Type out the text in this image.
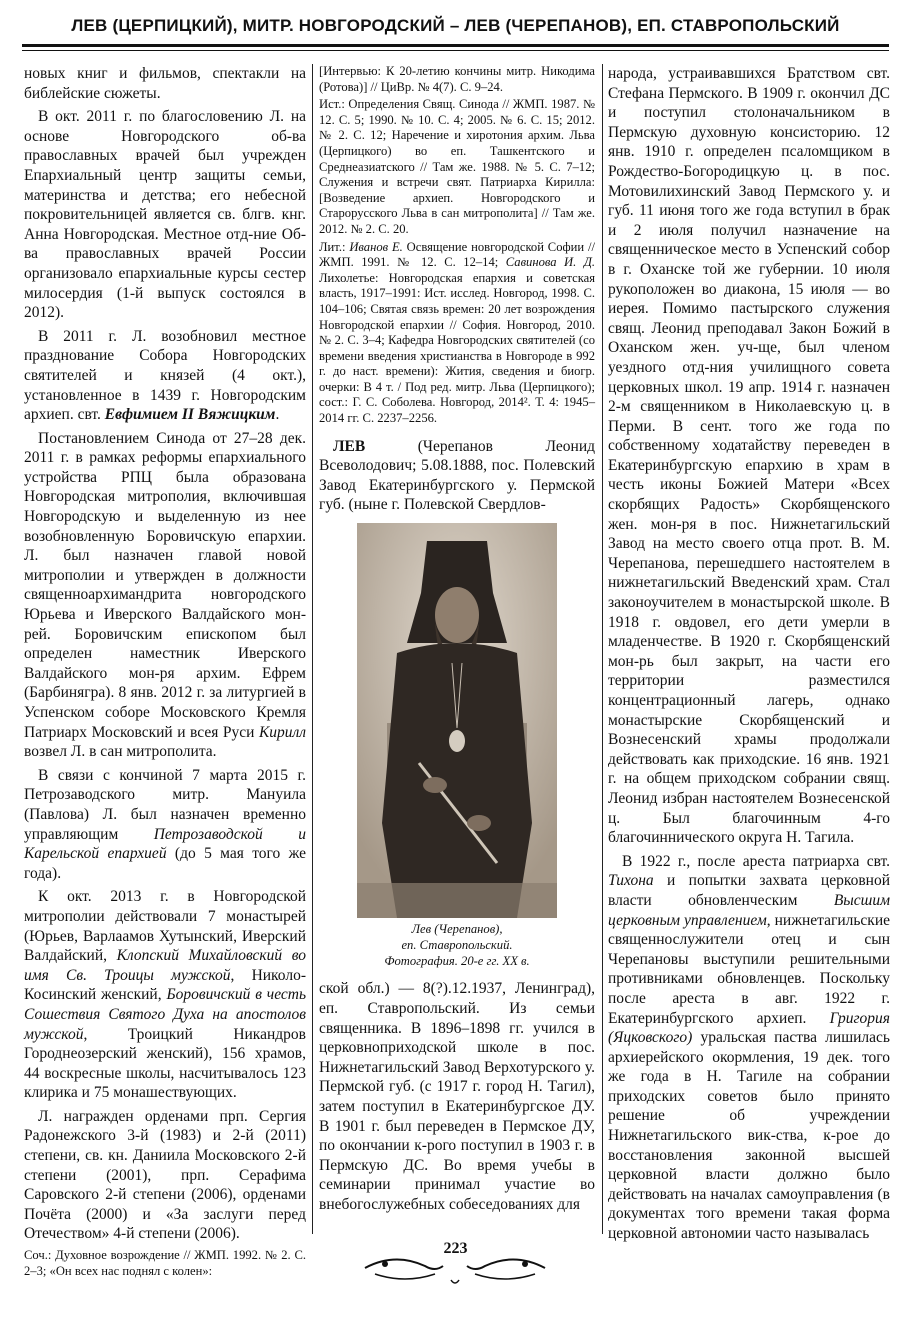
ЛЕВ (ЦЕРПИЦКИЙ), МИТР. НОВГОРОДСКИЙ – ЛЕВ (ЧЕРЕПАНОВ), ЕП. СТАВРОПОЛЬСКИЙ

новых книг и фильмов, спектакли на библейские сюжеты.

В окт. 2011 г. по благословению Л. на основе Новгородского об-ва православных врачей был учрежден Епархиальный центр защиты семьи, материнства и детства; его небесной покровительницей является св. блгв. кнг. Анна Новгородская. Местное отд-ние Об-ва православных врачей России организовало епархиальные курсы сестер милосердия (1-й выпуск состоялся в 2012).

В 2011 г. Л. возобновил местное празднование Собора Новгородских святителей и князей (4 окт.), установленное в 1439 г. Новгородским архиеп. свт. Евфимием II Вяжицким.

Постановлением Синода от 27–28 дек. 2011 г. в рамках реформы епархиального устройства РПЦ была образована Новгородская митрополия, включившая Новгородскую и выделенную из нее возобновленную Боровичскую епархии. Л. был назначен главой новой митрополии и утвержден в должности священноархимандрита новгородского Юрьева и Иверского Валдайского мон-рей. Боровичским епископом был определен наместник Иверского Валдайского мон-ря архим. Ефрем (Барбинягра). 8 янв. 2012 г. за литургией в Успенском соборе Московского Кремля Патриарх Московский и всея Руси Кирилл возвел Л. в сан митрополита.

В связи с кончиной 7 марта 2015 г. Петрозаводского митр. Мануила (Павлова) Л. был назначен временно управляющим Петрозаводской и Карельской епархией (до 5 мая того же года).

К окт. 2013 г. в Новгородской митрополии действовали 7 монастырей (Юрьев, Варлаамов Хутынский, Иверский Валдайский, Клопский Михайловский во имя Св. Троицы мужской, Николо-Косинский женский, Боровичский в честь Сошествия Святого Духа на апостолов мужской, Троицкий Никандров Городнеозерский женский), 156 храмов, 44 воскресные школы, насчитывалось 123 клирика и 75 монашествующих.

Л. награжден орденами прп. Сергия Радонежского 3-й (1983) и 2-й (2011) степени, св. кн. Даниила Московского 2-й степени (2001), прп. Серафима Саровского 2-й степени (2006), орденами Почёта (2000) и «За заслуги перед Отечеством» 4-й степени (2006).

Соч.: Духовное возрождение // ЖМП. 1992. № 2. С. 2–3; «Он всех нас поднял с колен»:

[Интервью: К 20-летию кончины митр. Никодима (Ротова)] // ЦиВр. № 4(7). С. 9–24.

Ист.: Определения Свящ. Синода // ЖМП. 1987. № 12. С. 5; 1990. № 10. С. 4; 2005. № 6. С. 15; 2012. № 2. С. 12; Наречение и хиротония архим. Льва (Церпицкого) во еп. Ташкентского и Среднеазиатского // Там же. 1988. № 5. С. 7–12; Служения и встречи свят. Патриарха Кирилла: [Возведение архиеп. Новгородского и Старорусского Льва в сан митрополита] // Там же. 2012. № 2. С. 20.

Лит.: Иванов Е. Освящение новгородской Софии // ЖМП. 1991. № 12. С. 12–14; Савинова И. Д. Лихолетье: Новгородская епархия и советская власть, 1917–1991: Ист. исслед. Новгород, 1998. С. 104–106; Святая связь времен: 20 лет возрождения Новгородской епархии // София. Новгород, 2010. № 2. С. 3–4; Кафедра Новгородских святителей (со времени введения христианства в Новгороде в 992 г. до наст. времени): Жития, сведения и биогр. очерки: В 4 т. / Под ред. митр. Льва (Церпицкого); сост.: Г. С. Соболева. Новгород, 2014². Т. 4: 1945–2014 гг. С. 2237–2256.

ЛЕВ (Черепанов Леонид Всеволодович; 5.08.1888, пос. Полевский Завод Екатеринбургского у. Пермской губ. (ныне г. Полевской Свердлов-

Лев (Черепанов),
еп. Ставропольский.
Фотография. 20-е гг. XX в.

ской обл.) — 8(?).12.1937, Ленинград), еп. Ставропольский. Из семьи священника. В 1896–1898 гг. учился в церковноприходской школе в пос. Нижнетагильский Завод Верхотурского у. Пермской губ. (с 1917 г. город Н. Тагил), затем поступил в Екатеринбургское ДУ. В 1901 г. был переведен в Пермское ДУ, по окончании к-рого поступил в 1903 г. в Пермскую ДС. Во время учебы в семинарии принимал участие во внебогослужебных собеседованиях для

народа, устраивавшихся Братством свт. Стефана Пермского. В 1909 г. окончил ДС и поступил столоначальником в Пермскую духовную консисторию. 12 янв. 1910 г. определен псаломщиком в Рождество-Богородицкую ц. в пос. Мотовилихинский Завод Пермского у. и губ. 11 июня того же года вступил в брак и 2 июля получил назначение на священническое место в Успенский собор в г. Оханске той же губернии. 10 июля рукоположен во диакона, 15 июля — во иерея. Помимо пастырского служения свящ. Леонид преподавал Закон Божий в Оханском жен. уч-ще, был членом уездного отд-ния училищного совета церковных школ. 19 апр. 1914 г. назначен 2-м священником в Николаевскую ц. в Перми. В сент. того же года по собственному ходатайству переведен в Екатеринбургскую епархию в храм в честь иконы Божией Матери «Всех скорбящих Радость» Скорбященского жен. мон-ря в пос. Нижнетагильский Завод на место своего отца прот. В. М. Черепанова, перешедшего настоятелем в нижнетагильский Введенский храм. Стал законоучителем в монастырской школе. В 1918 г. овдовел, его дети умерли в младенчестве. В 1920 г. Скорбященский мон-рь был закрыт, на части его территории разместился концентрационный лагерь, однако монастырские Скорбященский и Вознесенский храмы продолжали действовать как приходские. 16 янв. 1921 г. на общем приходском собрании свящ. Леонид избран настоятелем Вознесенской ц. Был благочинным 4-го благочиннического округа Н. Тагила.

В 1922 г., после ареста патриарха свт. Тихона и попытки захвата церковной власти обновленческим Высшим церковным управлением, нижнетагильские священнослужители отец и сын Черепановы выступили решительными противниками обновленцев. Поскольку после ареста в авг. 1922 г. Екатеринбургского архиеп. Григория (Яцковского) уральская паства лишилась архиерейского окормления, 19 дек. того же года в Н. Тагиле на собрании приходских советов было принято решение об учреждении Нижнетагильского вик-ства, к-рое до восстановления законной высшей церковной власти должно было действовать на началах самоуправления (в документах того времени такая форма церковной автономии часто называлась

223
